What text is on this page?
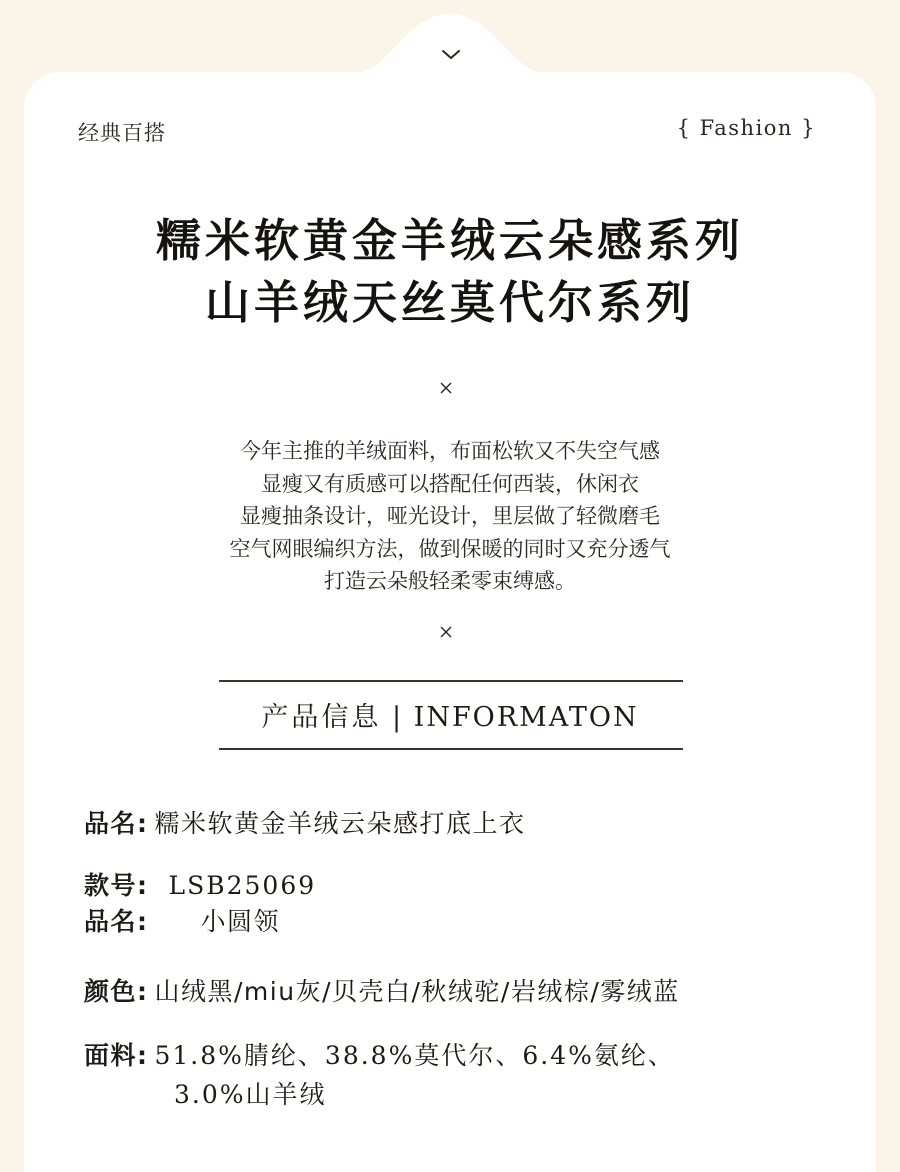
经典百搭	{ Fashion }
糯米软黄金羊绒云朵感系列
山羊绒天丝莫代尔系列
今年主推的羊绒面料，布面松软又不失空气感
显瘦又有质感可以搭配任何西装，休闲衣
显瘦抽条设计，哑光设计，里层做了轻微磨毛
空气网眼编织方法，做到保暖的同时又充分透气
打造云朵般轻柔零束缚感。
产品信息 | INFORMATON
品名: 糯米软黄金羊绒云朵感打底上衣
款号: LSB25069
品名: 小圆领
颜色: 山绒黑/miu灰/贝壳白/秋绒驼/岩绒棕/雾绒蓝
面料: 51.8%腈纶、38.8%莫代尔、6.4%氨纶、
3.0%山羊绒
